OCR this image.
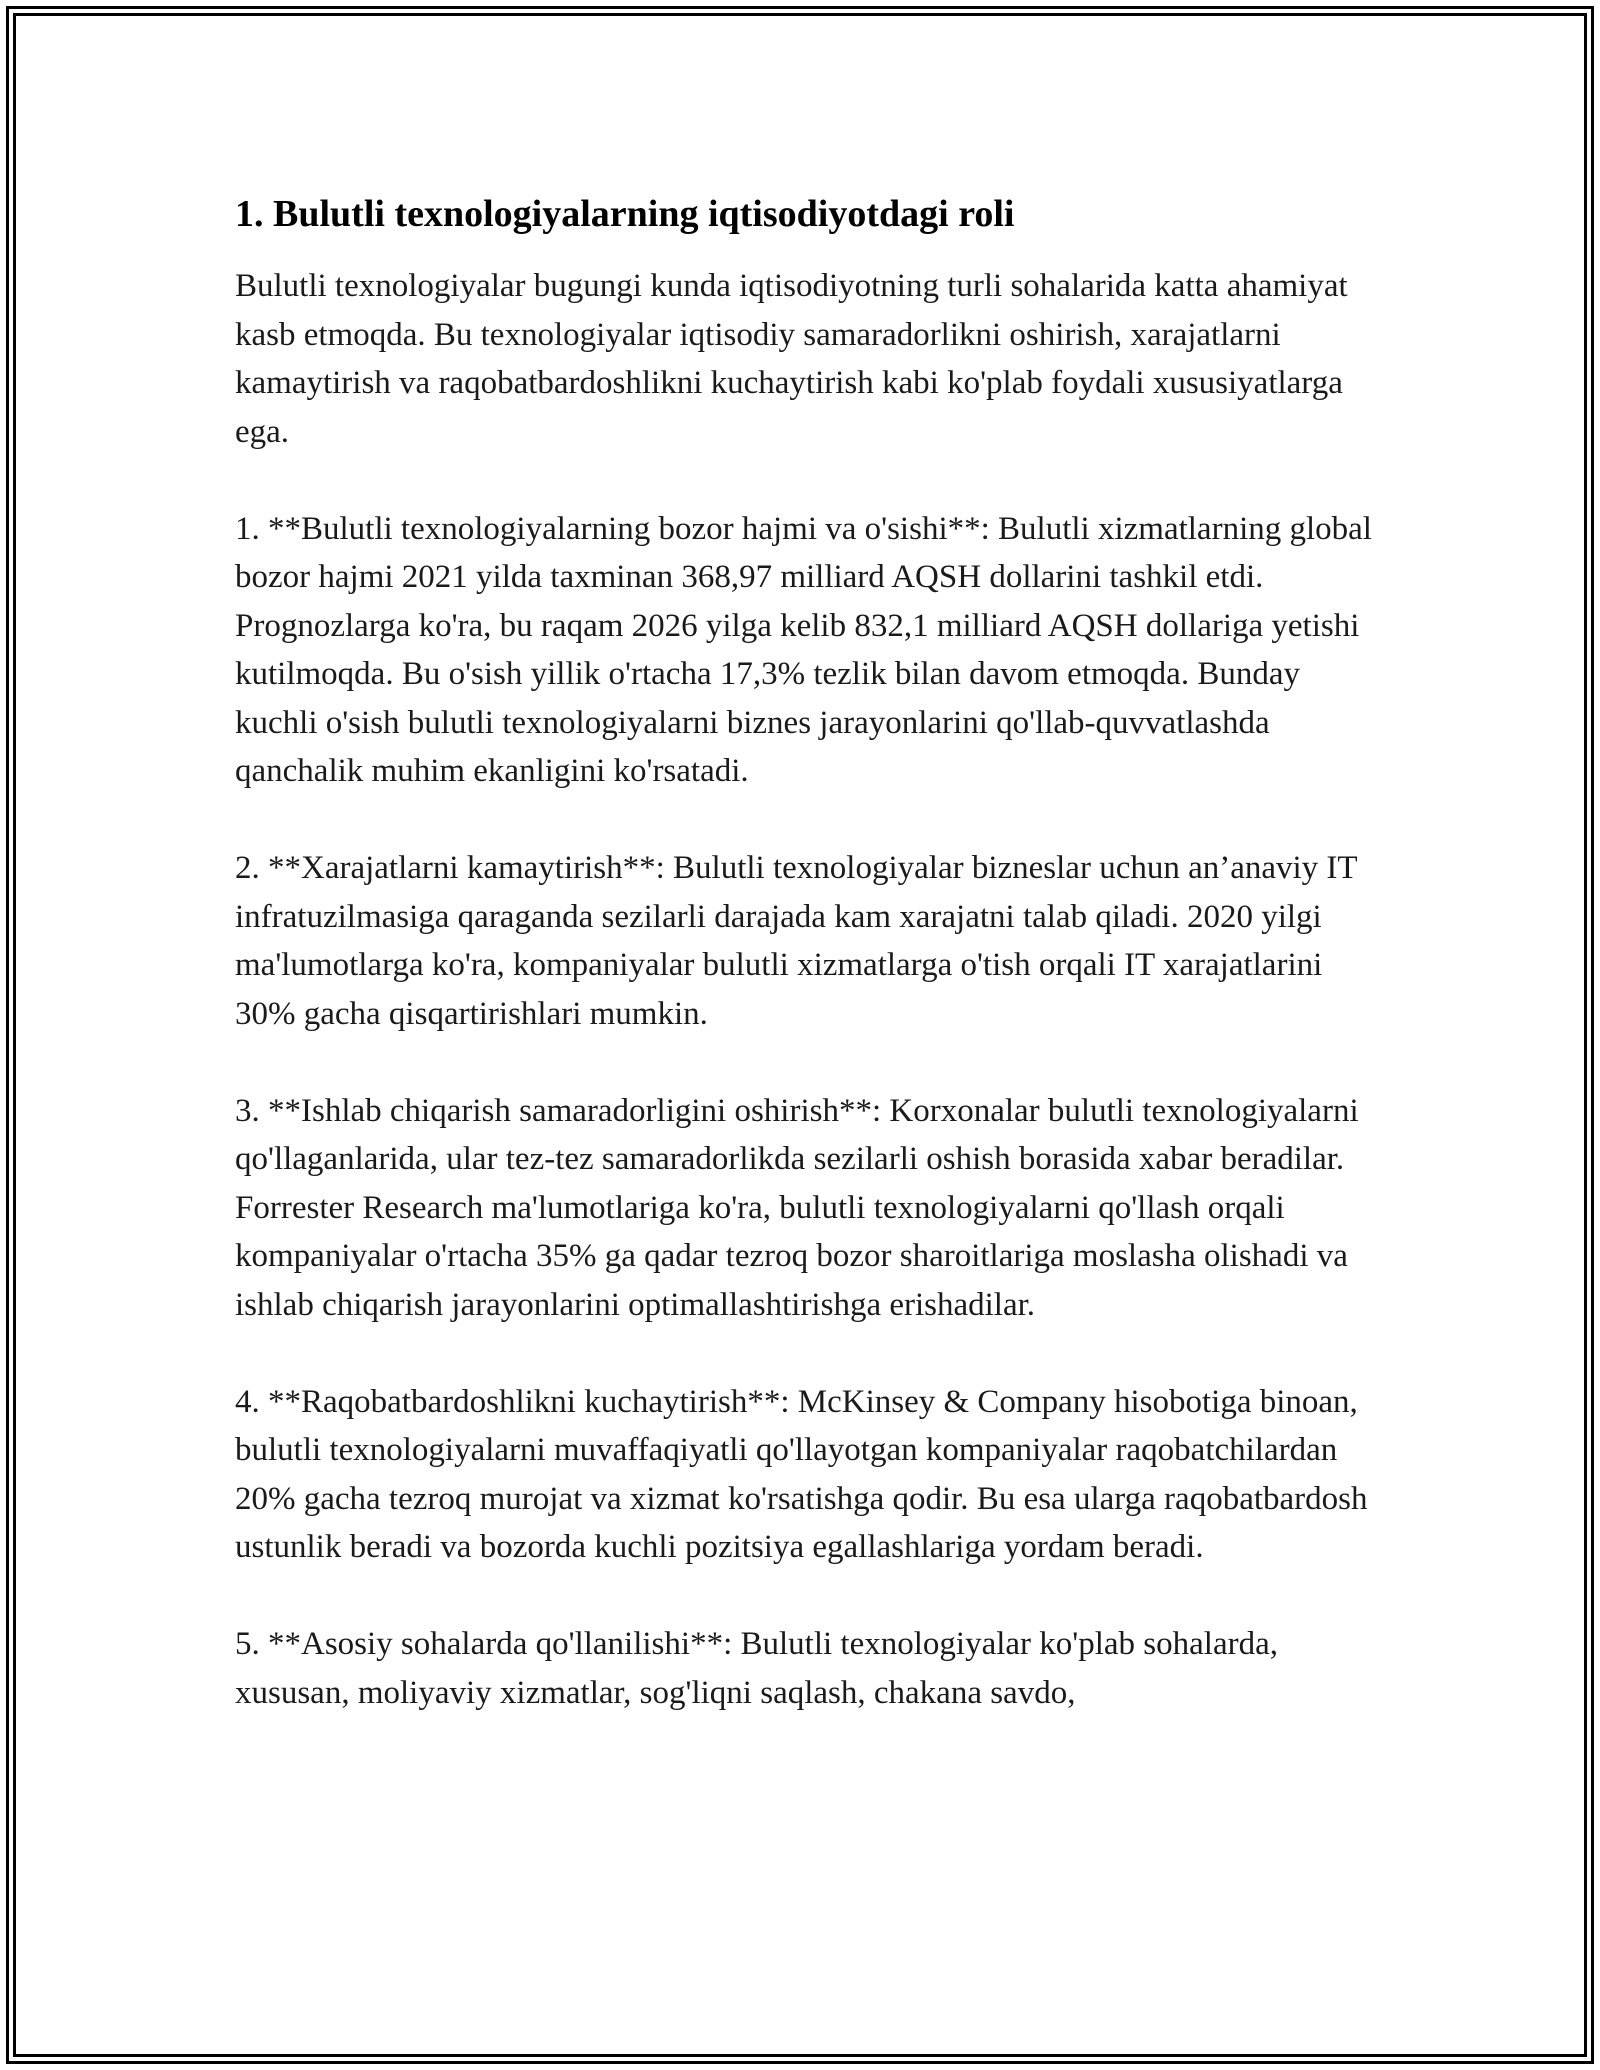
1. Bulutli texnologiyalarning iqtisodiyotdagi roli

Bulutli texnologiyalar bugungi kunda iqtisodiyotning turli sohalarida katta ahamiyat kasb etmoqda. Bu texnologiyalar iqtisodiy samaradorlikni oshirish, xarajatlarni kamaytirish va raqobatbardoshlikni kuchaytirish kabi ko'plab foydali xususiyatlarga ega.

1. **Bulutli texnologiyalarning bozor hajmi va o'sishi**: Bulutli xizmatlarning global bozor hajmi 2021 yilda taxminan 368,97 milliard AQSH dollarini tashkil etdi. Prognozlarga ko'ra, bu raqam 2026 yilga kelib 832,1 milliard AQSH dollariga yetishi kutilmoqda. Bu o'sish yillik o'rtacha 17,3% tezlik bilan davom etmoqda. Bunday kuchli o'sish bulutli texnologiyalarni biznes jarayonlarini qo'llab-quvvatlashda qanchalik muhim ekanligini ko'rsatadi.

2. **Xarajatlarni kamaytirish**: Bulutli texnologiyalar bizneslar uchun an’anaviy IT infratuzilmasiga qaraganda sezilarli darajada kam xarajatni talab qiladi. 2020 yilgi ma'lumotlarga ko'ra, kompaniyalar bulutli xizmatlarga o'tish orqali IT xarajatlarini 30% gacha qisqartirishlari mumkin.

3. **Ishlab chiqarish samaradorligini oshirish**: Korxonalar bulutli texnologiyalarni qo'llaganlarida, ular tez-tez samaradorlikda sezilarli oshish borasida xabar beradilar. Forrester Research ma'lumotlariga ko'ra, bulutli texnologiyalarni qo'llash orqali kompaniyalar o'rtacha 35% ga qadar tezroq bozor sharoitlariga moslasha olishadi va ishlab chiqarish jarayonlarini optimallashtirishga erishadilar.

4. **Raqobatbardoshlikni kuchaytirish**: McKinsey & Company hisobotiga binoan, bulutli texnologiyalarni muvaffaqiyatli qo'llayotgan kompaniyalar raqobatchilardan 20% gacha tezroq murojat va xizmat ko'rsatishga qodir. Bu esa ularga raqobatbardosh ustunlik beradi va bozorda kuchli pozitsiya egallashlariga yordam beradi.

5. **Asosiy sohalarda qo'llanilishi**: Bulutli texnologiyalar ko'plab sohalarda, xususan, moliyaviy xizmatlar, sog'liqni saqlash, chakana savdo,
